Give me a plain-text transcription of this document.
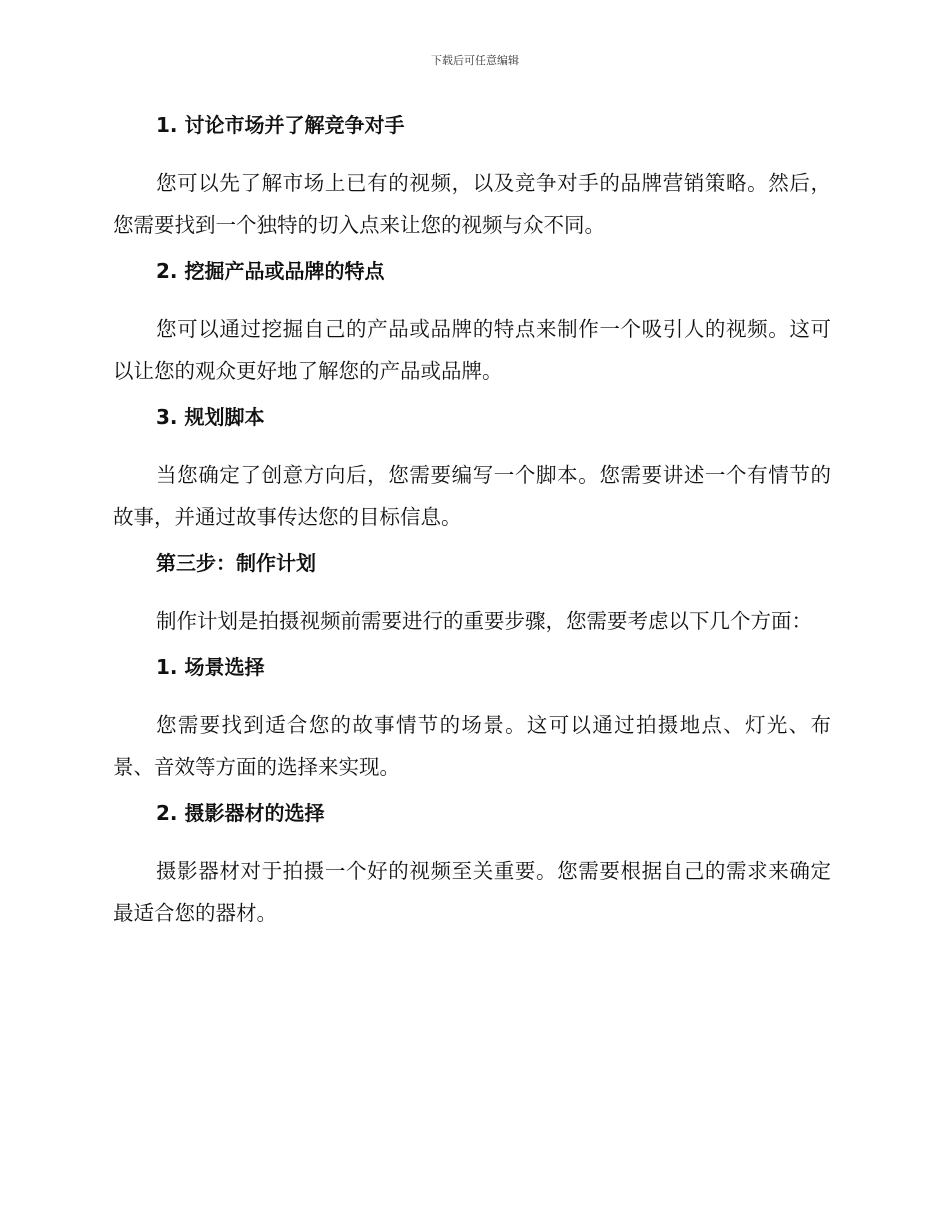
下载后可任意编辑
1. 讨论市场并了解竞争对手

您可以先了解市场上已有的视频，以及竞争对手的品牌营销策略。然后，您需要找到一个独特的切入点来让您的视频与众不同。

2. 挖掘产品或品牌的特点

您可以通过挖掘自己的产品或品牌的特点来制作一个吸引人的视频。这可以让您的观众更好地了解您的产品或品牌。

3. 规划脚本

当您确定了创意方向后，您需要编写一个脚本。您需要讲述一个有情节的故事，并通过故事传达您的目标信息。

第三步：制作计划

制作计划是拍摄视频前需要进行的重要步骤，您需要考虑以下几个方面：

1. 场景选择

您需要找到适合您的故事情节的场景。这可以通过拍摄地点、灯光、布景、音效等方面的选择来实现。

2. 摄影器材的选择

摄影器材对于拍摄一个好的视频至关重要。您需要根据自己的需求来确定最适合您的器材。
